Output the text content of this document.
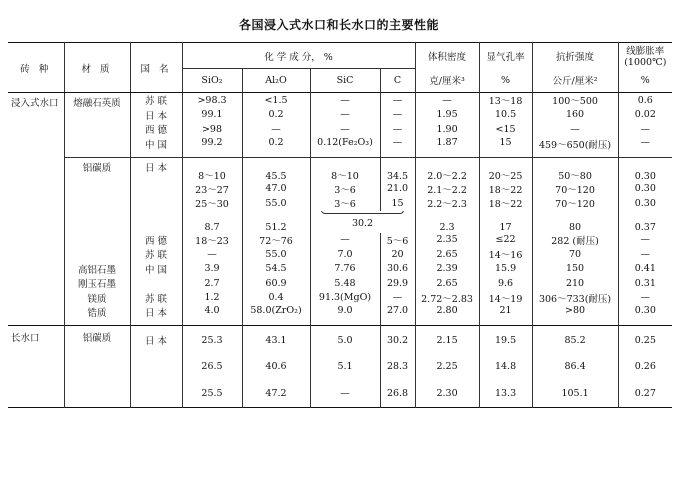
各国浸入式水口和长水口的主要性能
砖 种	材 质	国 名	化 学 成 分， %				体积密度	显气孔率	抗折强度	线膨胀率
(1000℃)

			SiO₂	Al₂O	SiC	C	克/厘米³	%	公斤/厘米²	%
浸入式水口	熔融石英质	苏 联	>98.3	<1.5	—	—	—	13～18	100～500	0.6
		日 本	99.1	0.2	—	—	1.95	10.5	160	0.02
		西 德	>98	—	—	—	1.90	<15	—	—
		中 国	99.2	0.2	0.12(Fe₂O₃)	—	1.87	15	459～650(耐压)	—
	铝碳质	日 本	8～10	45.5	8～10	34.5	2.0～2.2	20～25	50～80	0.30
			23～27	47.0	3～6	21.0	2.1～2.2	18～22	70～120	0.30
			25～30	55.0	3～6	15	2.2～2.3	18～22	70～120	0.30
			8.7	51.2	30.2		2.3	17	80	0.37
		西 德	18～23	72～76	—	5～6	2.35	≤22	282 (耐压)	—
		苏 联	—	55.0	7.0	20	2.65	14～16	70	—
	高铝石墨	中 国	3.9	54.5	7.76	30.6	2.39	15.9	150	0.41
	刚玉石墨		2.7	60.9	5.48	29.9	2.65	9.6	210	0.31
	镁质	苏 联	1.2	0.4	91.3(MgO)	—	2.72～2.83	14～19	306～733(耐压)	—
	锆质	日 本	4.0	58.0(ZrO₂)	9.0	27.0	2.80	21	>80	0.30
长水口	铝碳质	日 本	25.3	43.1	5.0	30.2	2.15	19.5	85.2	0.25
			26.5	40.6	5.1	28.3	2.25	14.8	86.4	0.26
			25.5	47.2	—	26.8	2.30	13.3	105.1	0.27
